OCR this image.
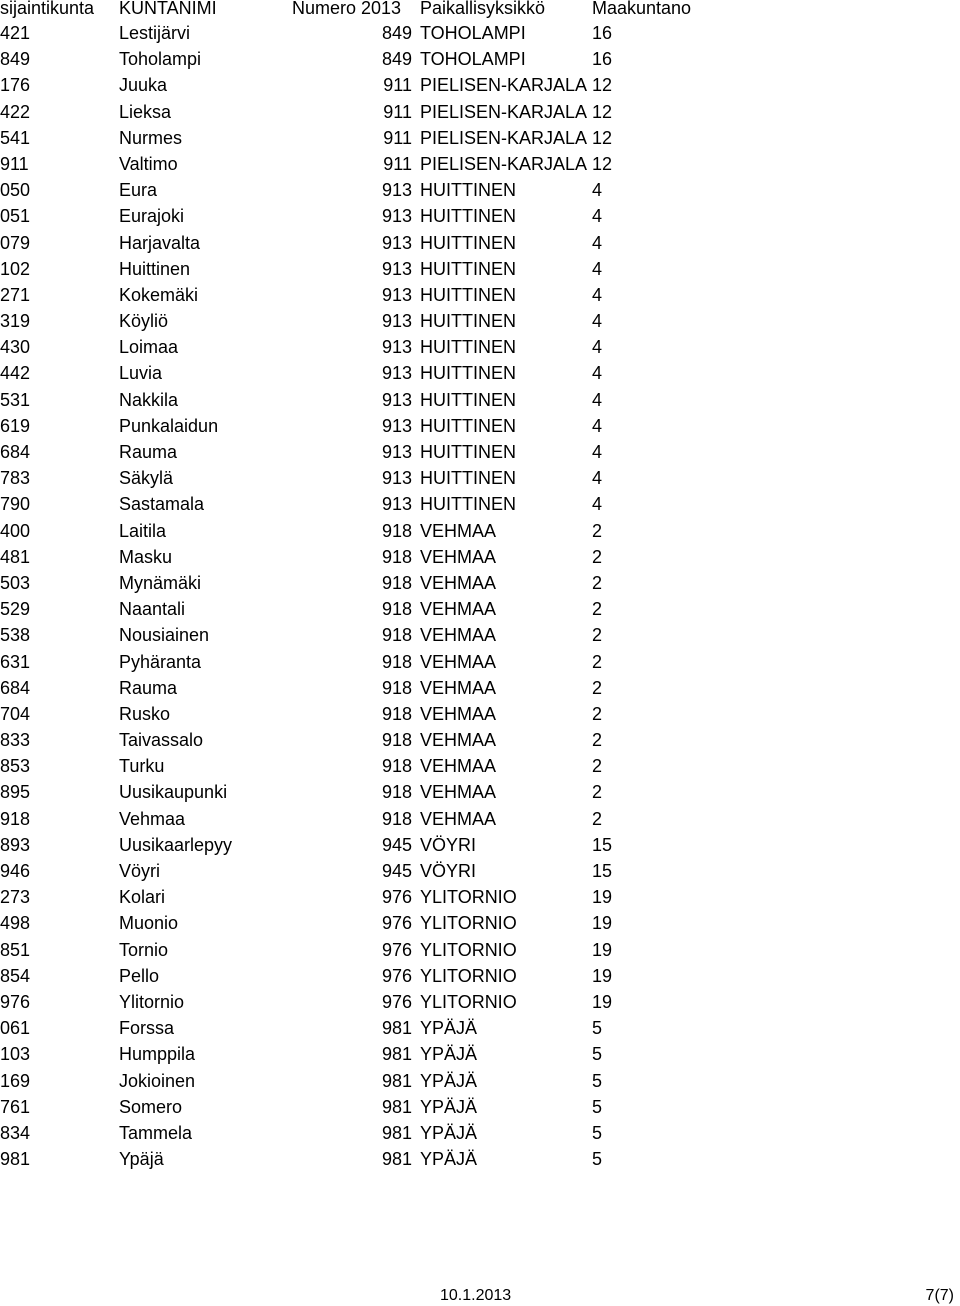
sijaintikunta KUNTANIMI	Numero 2013 Paikallisyksikkö	Maakuntano
421	Lestijärvi	849 TOHOLAMPI	16
849	Toholampi	849 TOHOLAMPI	16
176	Juuka	911 PIELISEN-KARJALA 12
422	Lieksa	911 PIELISEN-KARJALA 12
541	Nurmes	911 PIELISEN-KARJALA 12
911	Valtimo	911 PIELISEN-KARJALA 12
050	Eura	913 HUITTINEN	4
051	Eurajoki	913 HUITTINEN	4
079	Harjavalta	913 HUITTINEN	4
102	Huittinen	913 HUITTINEN	4
271	Kokemäki	913 HUITTINEN	4
319	Köyliö	913 HUITTINEN	4
430	Loimaa	913 HUITTINEN	4
442	Luvia	913 HUITTINEN	4
531	Nakkila	913 HUITTINEN	4
619	Punkalaidun	913 HUITTINEN	4
684	Rauma	913 HUITTINEN	4
783	Säkylä	913 HUITTINEN	4
790	Sastamala	913 HUITTINEN	4
400	Laitila	918 VEHMAA	2
481	Masku	918 VEHMAA	2
503	Mynämäki	918 VEHMAA	2
529	Naantali	918 VEHMAA	2
538	Nousiainen	918 VEHMAA	2
631	Pyhäranta	918 VEHMAA	2
684	Rauma	918 VEHMAA	2
704	Rusko	918 VEHMAA	2
833	Taivassalo	918 VEHMAA	2
853	Turku	918 VEHMAA	2
895	Uusikaupunki	918 VEHMAA	2
918	Vehmaa	918 VEHMAA	2
893	Uusikaarlepyy	945 VÖYRI	15
946	Vöyri	945 VÖYRI	15
273	Kolari	976 YLITORNIO	19
498	Muonio	976 YLITORNIO	19
851	Tornio	976 YLITORNIO	19
854	Pello	976 YLITORNIO	19
976	Ylitornio	976 YLITORNIO	19
061	Forssa	981 YPÄJÄ	5
103	Humppila	981 YPÄJÄ	5
169	Jokioinen	981 YPÄJÄ	5
761	Somero	981 YPÄJÄ	5
834	Tammela	981 YPÄJÄ	5
981	Ypäjä	981 YPÄJÄ	5
10.1.2013	7(7)
